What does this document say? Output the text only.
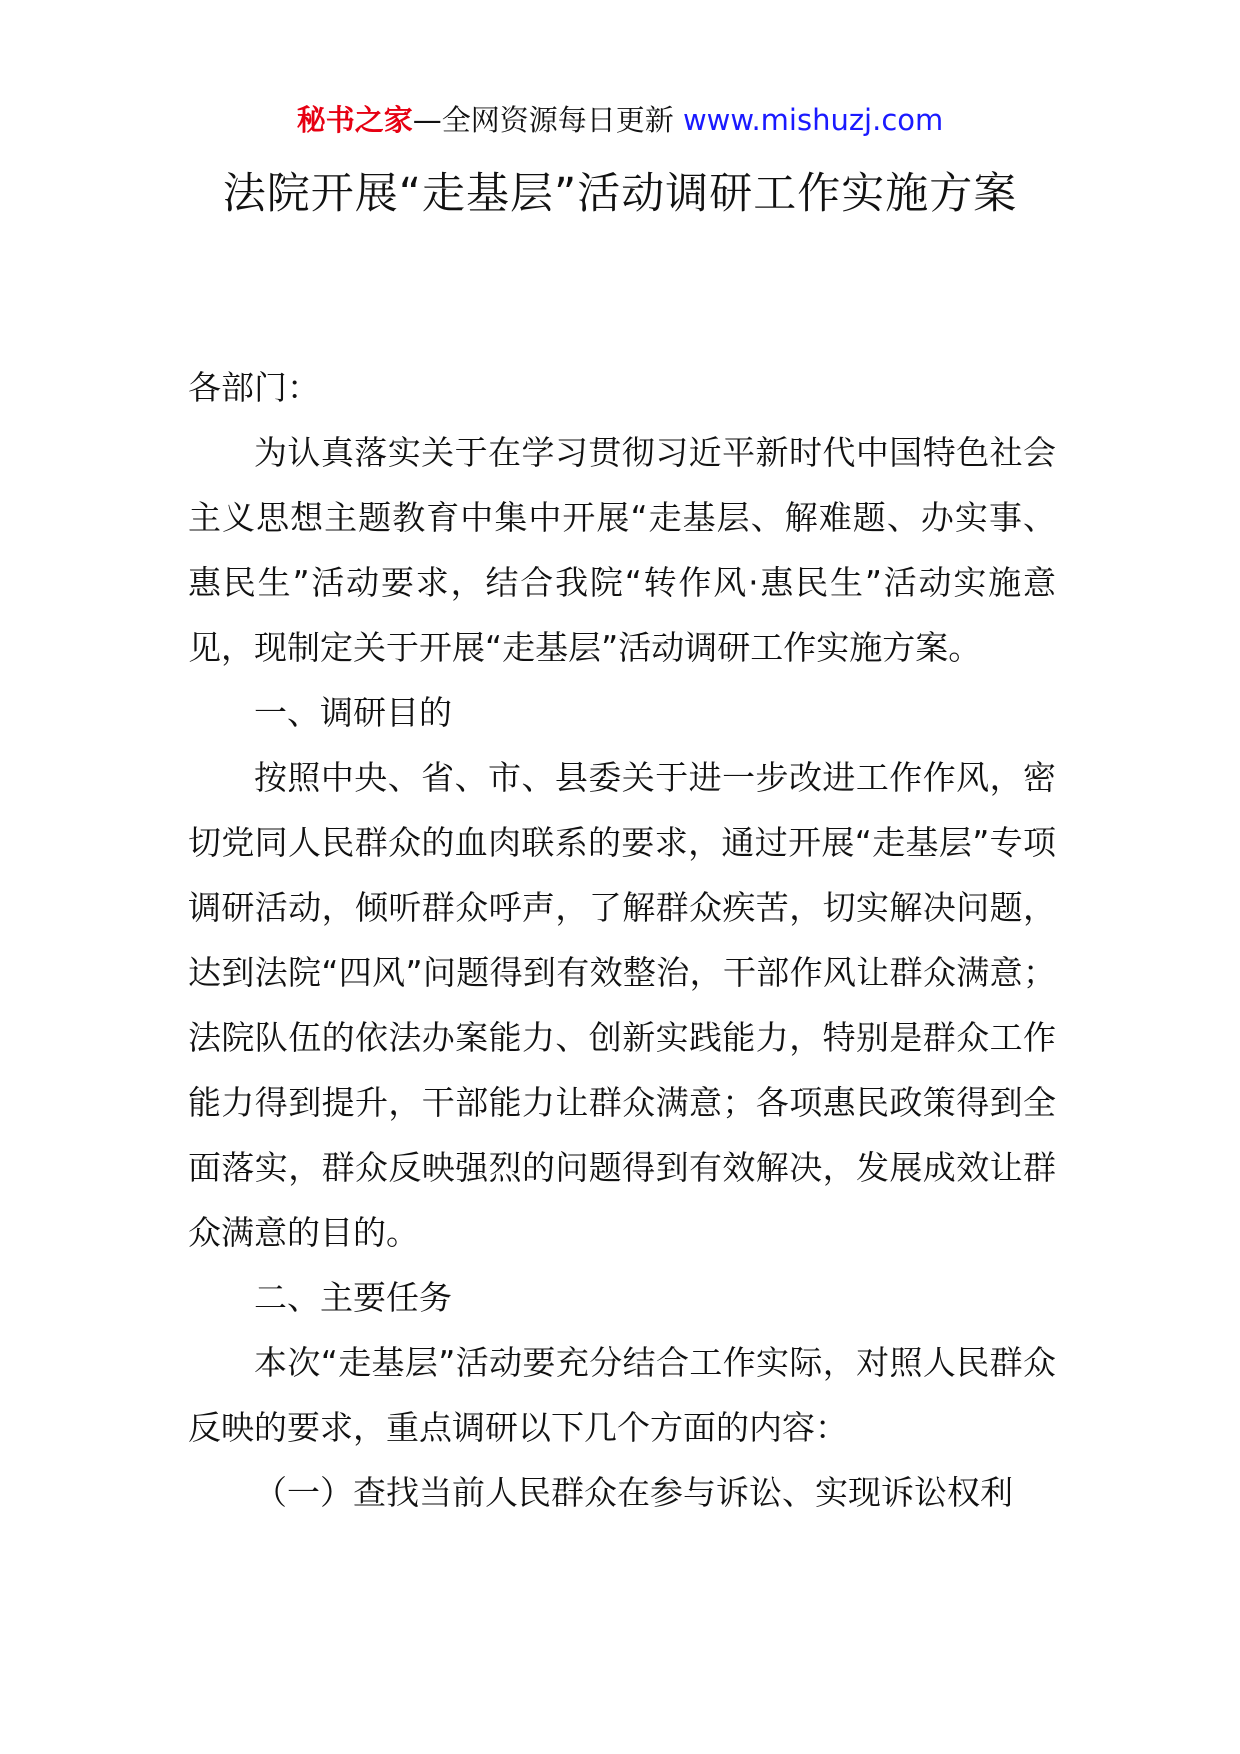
秘书之家—全网资源每日更新 www.mishuzj.com
法院开展“走基层”活动调研工作实施方案

各部门：

为认真落实关于在学习贯彻习近平新时代中国特色社会主义思想主题教育中集中开展“走基层、解难题、办实事、惠民生”活动要求，结合我院“转作风·惠民生”活动实施意见，现制定关于开展“走基层”活动调研工作实施方案。

一、调研目的

按照中央、省、市、县委关于进一步改进工作作风，密切党同人民群众的血肉联系的要求，通过开展“走基层”专项调研活动，倾听群众呼声，了解群众疾苦，切实解决问题，达到法院“四风”问题得到有效整治，干部作风让群众满意；法院队伍的依法办案能力、创新实践能力，特别是群众工作能力得到提升，干部能力让群众满意；各项惠民政策得到全面落实，群众反映强烈的问题得到有效解决，发展成效让群众满意的目的。

二、主要任务

本次“走基层”活动要充分结合工作实际，对照人民群众反映的要求，重点调研以下几个方面的内容：

（一）查找当前人民群众在参与诉讼、实现诉讼权利
